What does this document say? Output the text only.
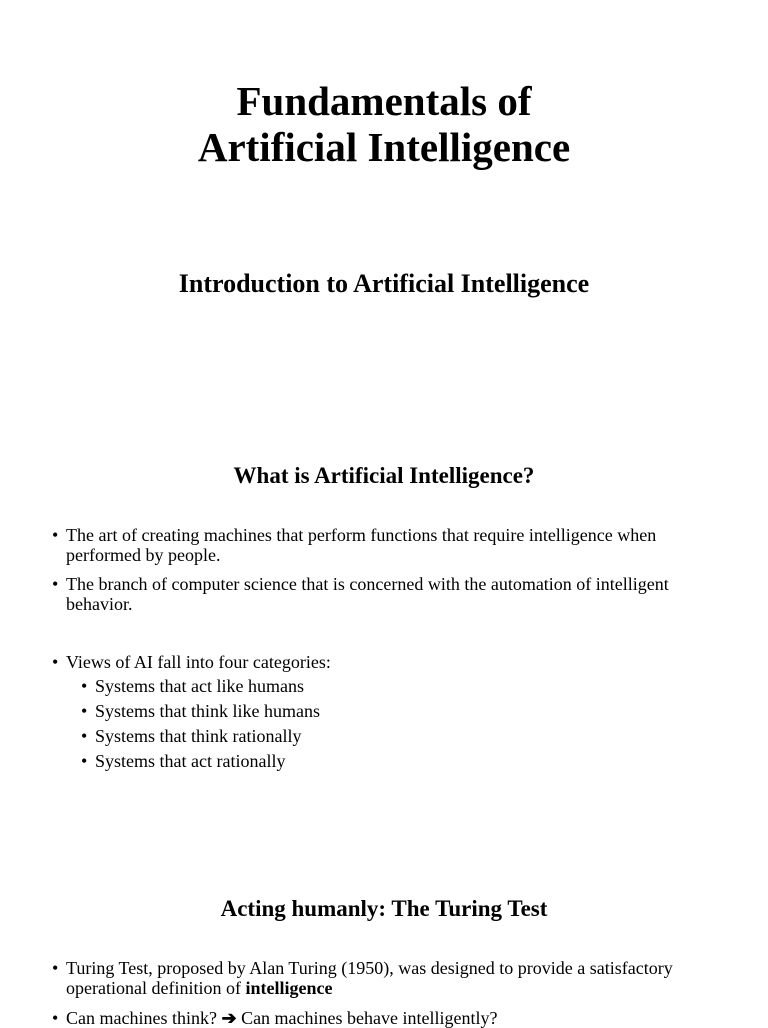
Fundamentals of
Artificial Intelligence
Introduction to Artificial Intelligence
What is Artificial Intelligence?
• The art of creating machines that perform functions that require intelligence when performed by people.
• The branch of computer science that is concerned with the automation of intelligent behavior.
• Views of AI fall into four categories:
• Systems that act like humans
• Systems that think like humans
• Systems that think rationally
• Systems that act rationally
Acting humanly: The Turing Test
• Turing Test, proposed by Alan Turing (1950), was designed to provide a satisfactory operational definition of intelligence
• Can machines think? ➔ Can machines behave intelligently?
